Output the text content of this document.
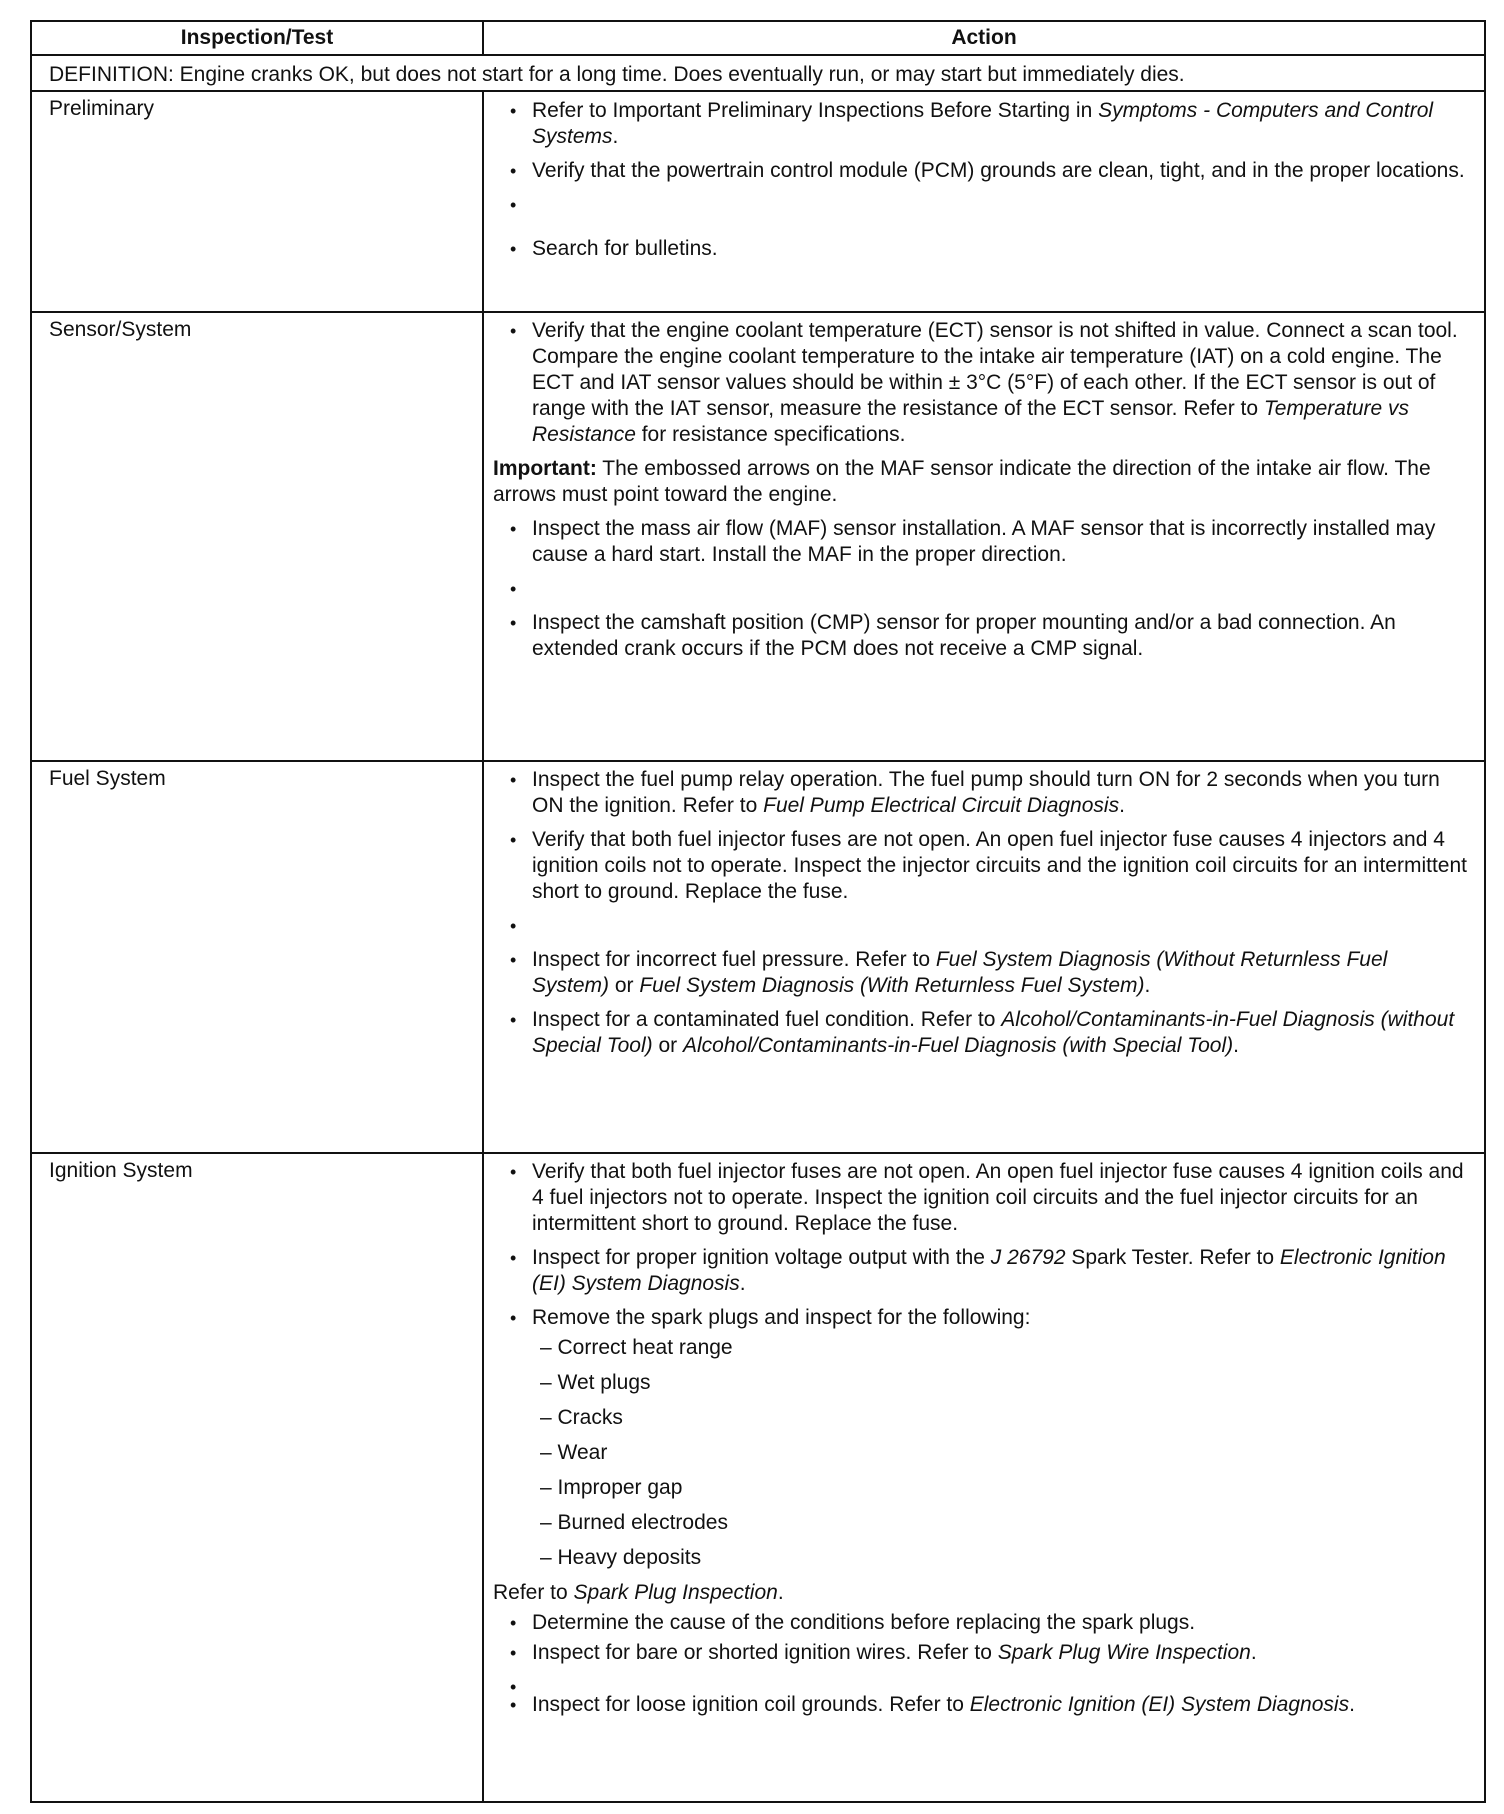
Inspection/Test	Action
DEFINITION: Engine cranks OK, but does not start for a long time. Does eventually run, or may start but immediately dies.
Preliminary	• Refer to Important Preliminary Inspections Before Starting in Symptoms - Computers and Control Systems.
• Verify that the powertrain control module (PCM) grounds are clean, tight, and in the proper locations.
•
• Search for bulletins.
Sensor/System	• Verify that the engine coolant temperature (ECT) sensor is not shifted in value. Connect a scan tool. Compare the engine coolant temperature to the intake air temperature (IAT) on a cold engine. The ECT and IAT sensor values should be within ± 3°C (5°F) of each other. If the ECT sensor is out of range with the IAT sensor, measure the resistance of the ECT sensor. Refer to Temperature vs Resistance for resistance specifications.
Important: The embossed arrows on the MAF sensor indicate the direction of the intake air flow. The arrows must point toward the engine.
• Inspect the mass air flow (MAF) sensor installation. A MAF sensor that is incorrectly installed may cause a hard start. Install the MAF in the proper direction.
•
• Inspect the camshaft position (CMP) sensor for proper mounting and/or a bad connection. An extended crank occurs if the PCM does not receive a CMP signal.
Fuel System	• Inspect the fuel pump relay operation. The fuel pump should turn ON for 2 seconds when you turn ON the ignition. Refer to Fuel Pump Electrical Circuit Diagnosis.
• Verify that both fuel injector fuses are not open. An open fuel injector fuse causes 4 injectors and 4 ignition coils not to operate. Inspect the injector circuits and the ignition coil circuits for an intermittent short to ground. Replace the fuse.
•
• Inspect for incorrect fuel pressure. Refer to Fuel System Diagnosis (Without Returnless Fuel System) or Fuel System Diagnosis (With Returnless Fuel System).
• Inspect for a contaminated fuel condition. Refer to Alcohol/Contaminants-in-Fuel Diagnosis (without Special Tool) or Alcohol/Contaminants-in-Fuel Diagnosis (with Special Tool).
Ignition System	• Verify that both fuel injector fuses are not open. An open fuel injector fuse causes 4 ignition coils and 4 fuel injectors not to operate. Inspect the ignition coil circuits and the fuel injector circuits for an intermittent short to ground. Replace the fuse.
• Inspect for proper ignition voltage output with the J 26792 Spark Tester. Refer to Electronic Ignition (EI) System Diagnosis.
• Remove the spark plugs and inspect for the following:
– Correct heat range
– Wet plugs
– Cracks
– Wear
– Improper gap
– Burned electrodes
– Heavy deposits
Refer to Spark Plug Inspection.
• Determine the cause of the conditions before replacing the spark plugs.
• Inspect for bare or shorted ignition wires. Refer to Spark Plug Wire Inspection.
•
• Inspect for loose ignition coil grounds. Refer to Electronic Ignition (EI) System Diagnosis.
